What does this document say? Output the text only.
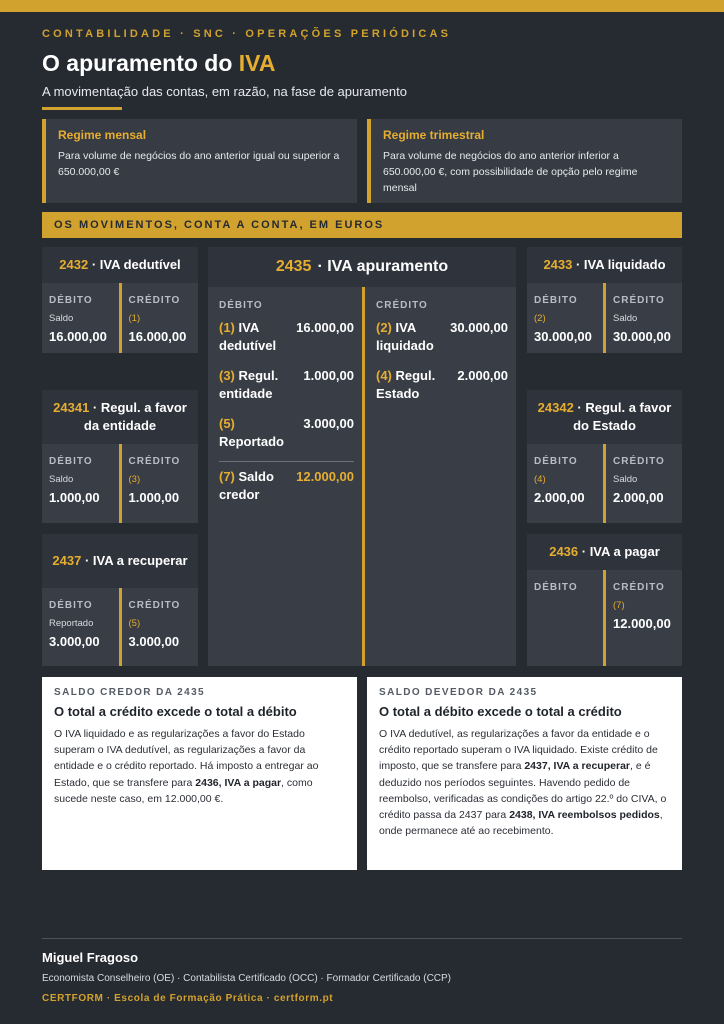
CONTABILIDADE · SNC · OPERAÇÕES PERIÓDICAS
O apuramento do IVA
A movimentação das contas, em razão, na fase de apuramento
Regime mensal
Para volume de negócios do ano anterior igual ou superior a 650.000,00 €
Regime trimestral
Para volume de negócios do ano anterior inferior a 650.000,00 €, com possibilidade de opção pelo regime mensal
OS MOVIMENTOS, CONTA A CONTA, EM EUROS
2432 · IVA dedutível
DÉBITO
Saldo
16.000,00
CRÉDITO
(1)
16.000,00
24341 · Regul. a favor da entidade
DÉBITO
Saldo
1.000,00
CRÉDITO
(3)
1.000,00
2437 · IVA a recuperar
DÉBITO
Reportado
3.000,00
CRÉDITO
(5)
3.000,00
2435 · IVA apuramento
DÉBITO
(1) IVA dedutível
16.000,00
(3) Regul. entidade
1.000,00
(5) Reportado
3.000,00
(7) Saldo credor
12.000,00
CRÉDITO
(2) IVA liquidado
30.000,00
(4) Regul. Estado
2.000,00
2433 · IVA liquidado
DÉBITO
(2)
30.000,00
CRÉDITO
Saldo
30.000,00
24342 · Regul. a favor do Estado
DÉBITO
(4)
2.000,00
CRÉDITO
Saldo
2.000,00
2436 · IVA a pagar
DÉBITO	CRÉDITO
(7)
12.000,00
SALDO CREDOR DA 2435
O total a crédito excede o total a débito
O IVA liquidado e as regularizações a favor do Estado superam o IVA dedutível, as regularizações a favor da entidade e o crédito reportado. Há imposto a entregar ao Estado, que se transfere para 2436, IVA a pagar, como sucede neste caso, em 12.000,00 €.
SALDO DEVEDOR DA 2435
O total a débito excede o total a crédito
O IVA dedutível, as regularizações a favor da entidade e o crédito reportado superam o IVA liquidado. Existe crédito de imposto, que se transfere para 2437, IVA a recuperar, e é deduzido nos períodos seguintes. Havendo pedido de reembolso, verificadas as condições do artigo 22.º do CIVA, o crédito passa da 2437 para 2438, IVA reembolsos pedidos, onde permanece até ao recebimento.
Miguel Fragoso
Economista Conselheiro (OE) · Contabilista Certificado (OCC) · Formador Certificado (CCP)
CERTFORM · Escola de Formação Prática · certform.pt
